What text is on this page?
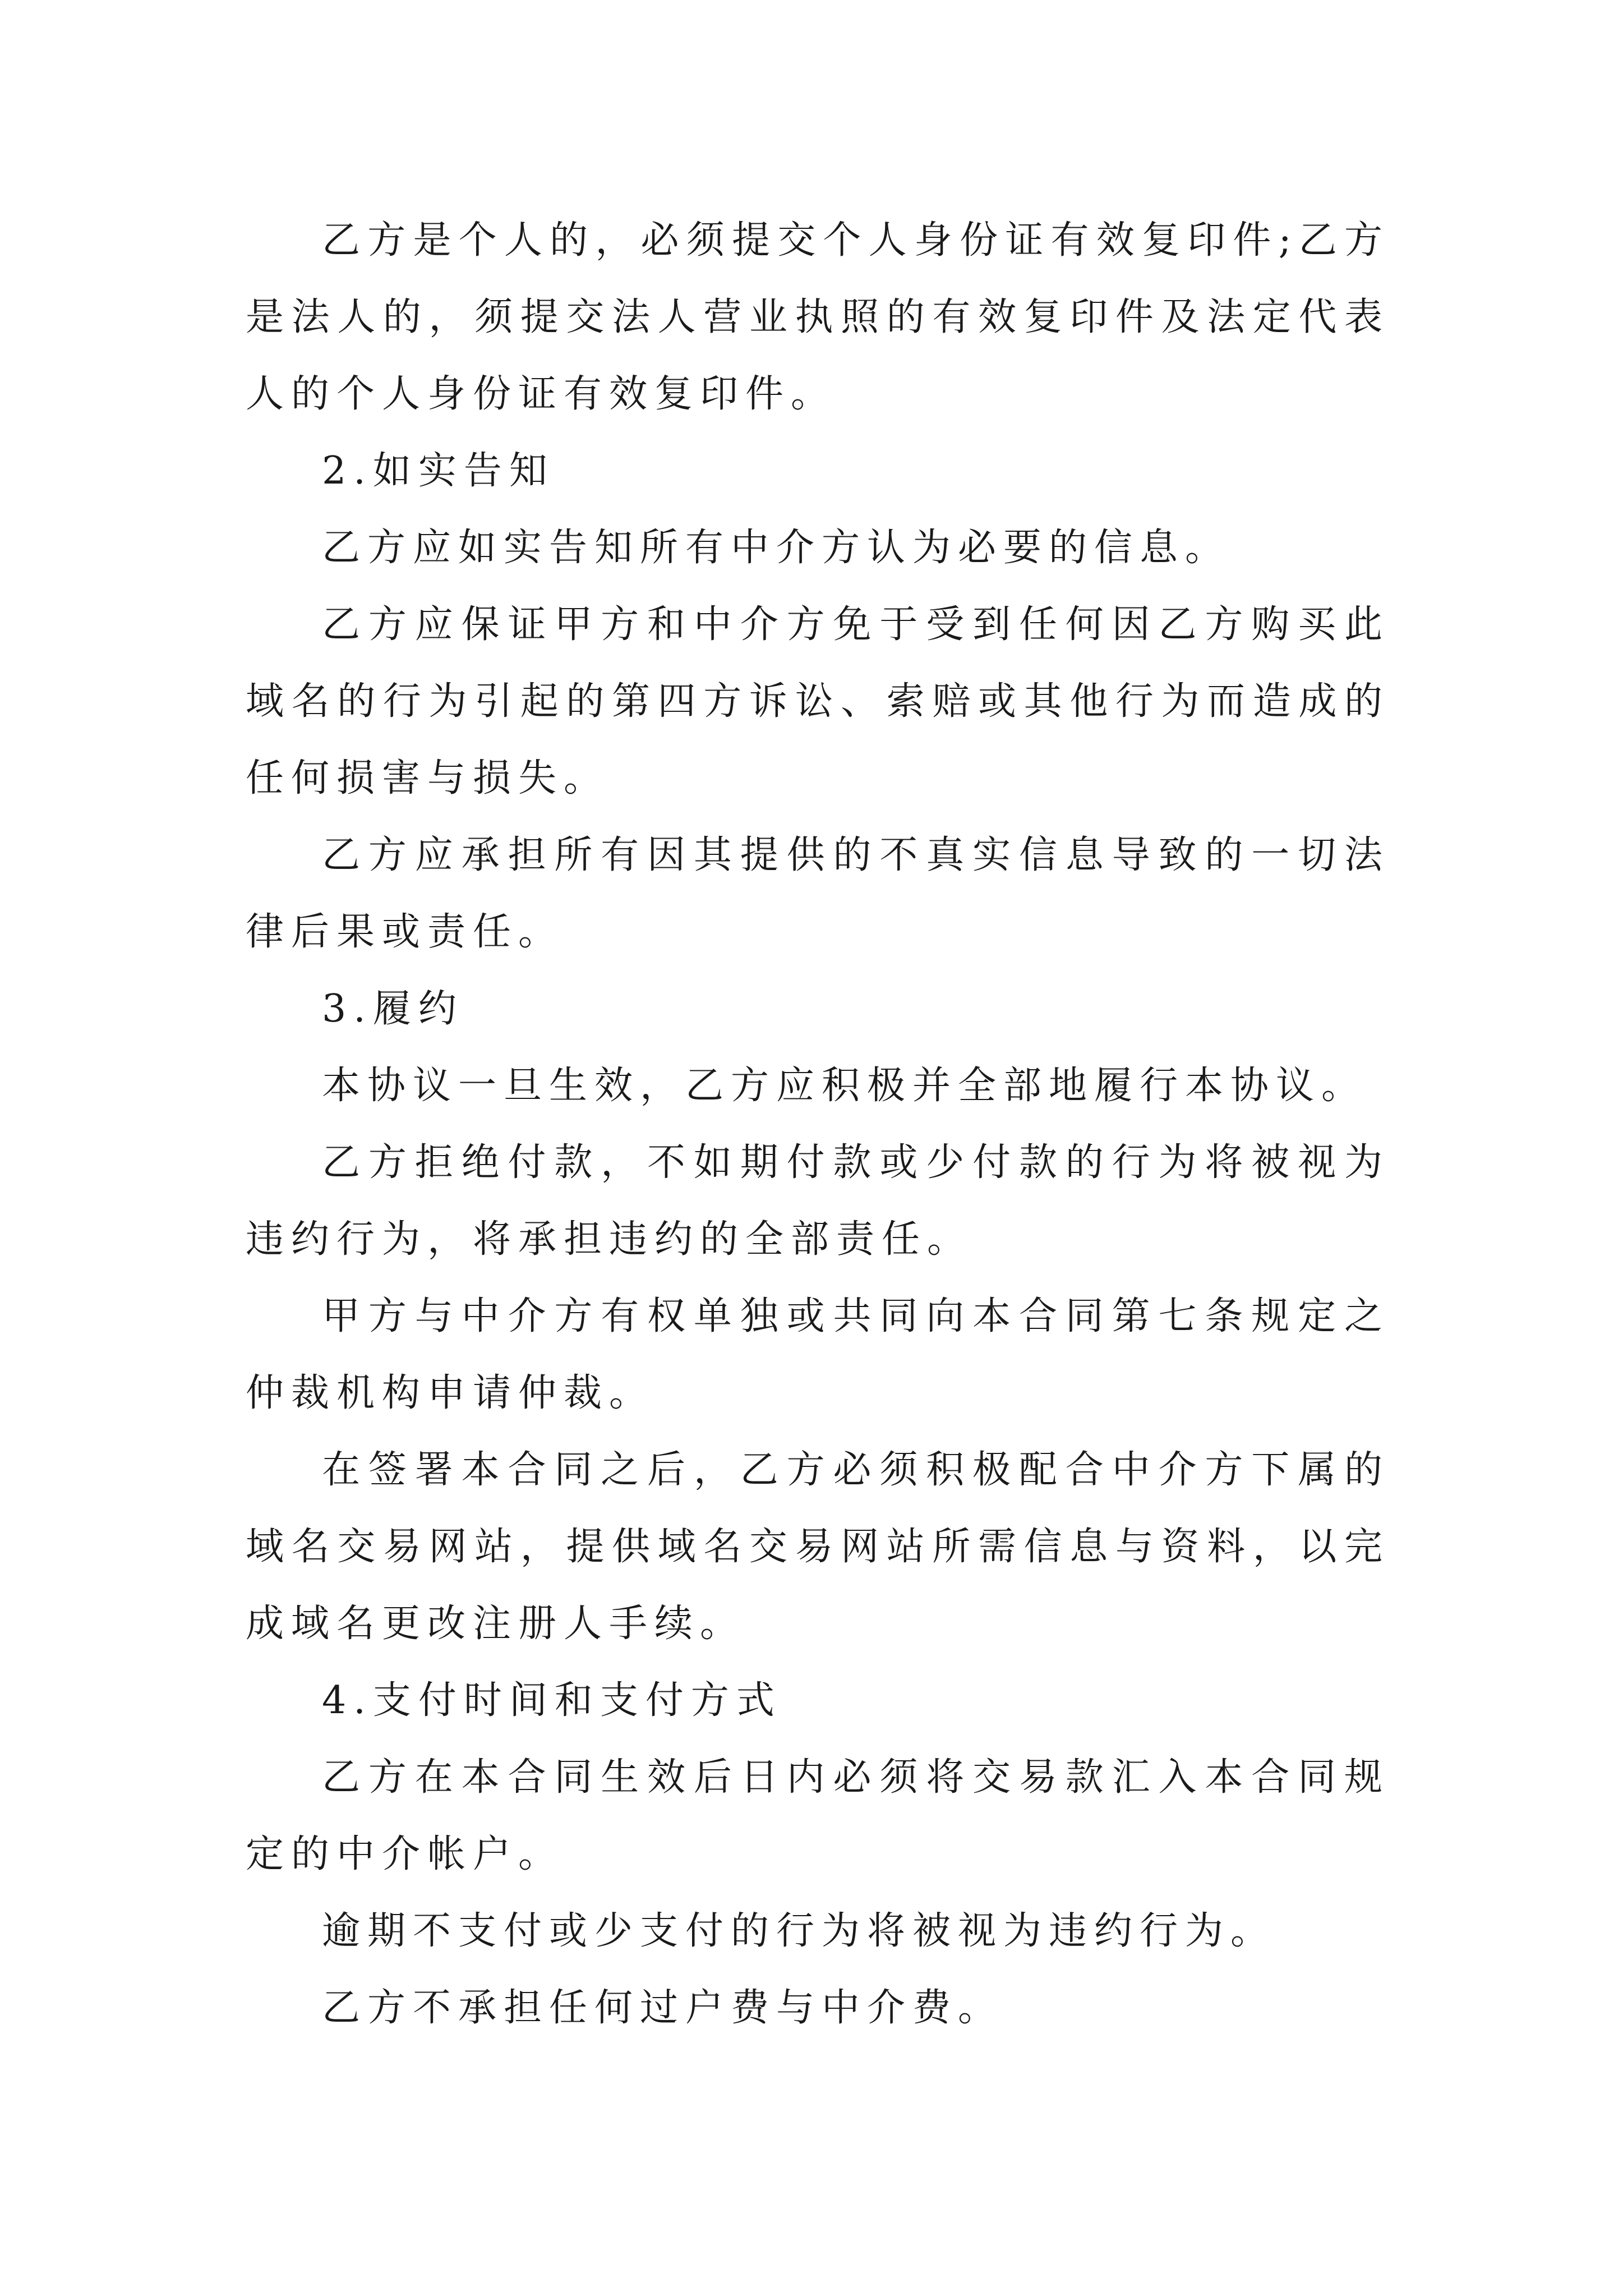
乙方是个人的，必须提交个人身份证有效复印件;乙方是法人的，须提交法人营业执照的有效复印件及法定代表人的个人身份证有效复印件。

2.如实告知

乙方应如实告知所有中介方认为必要的信息。

乙方应保证甲方和中介方免于受到任何因乙方购买此域名的行为引起的第四方诉讼、索赔或其他行为而造成的任何损害与损失。

乙方应承担所有因其提供的不真实信息导致的一切法律后果或责任。

3.履约

本协议一旦生效，乙方应积极并全部地履行本协议。

乙方拒绝付款，不如期付款或少付款的行为将被视为违约行为，将承担违约的全部责任。

甲方与中介方有权单独或共同向本合同第七条规定之仲裁机构申请仲裁。

在签署本合同之后，乙方必须积极配合中介方下属的域名交易网站，提供域名交易网站所需信息与资料，以完成域名更改注册人手续。

4.支付时间和支付方式

乙方在本合同生效后日内必须将交易款汇入本合同规定的中介帐户。

逾期不支付或少支付的行为将被视为违约行为。

乙方不承担任何过户费与中介费。
